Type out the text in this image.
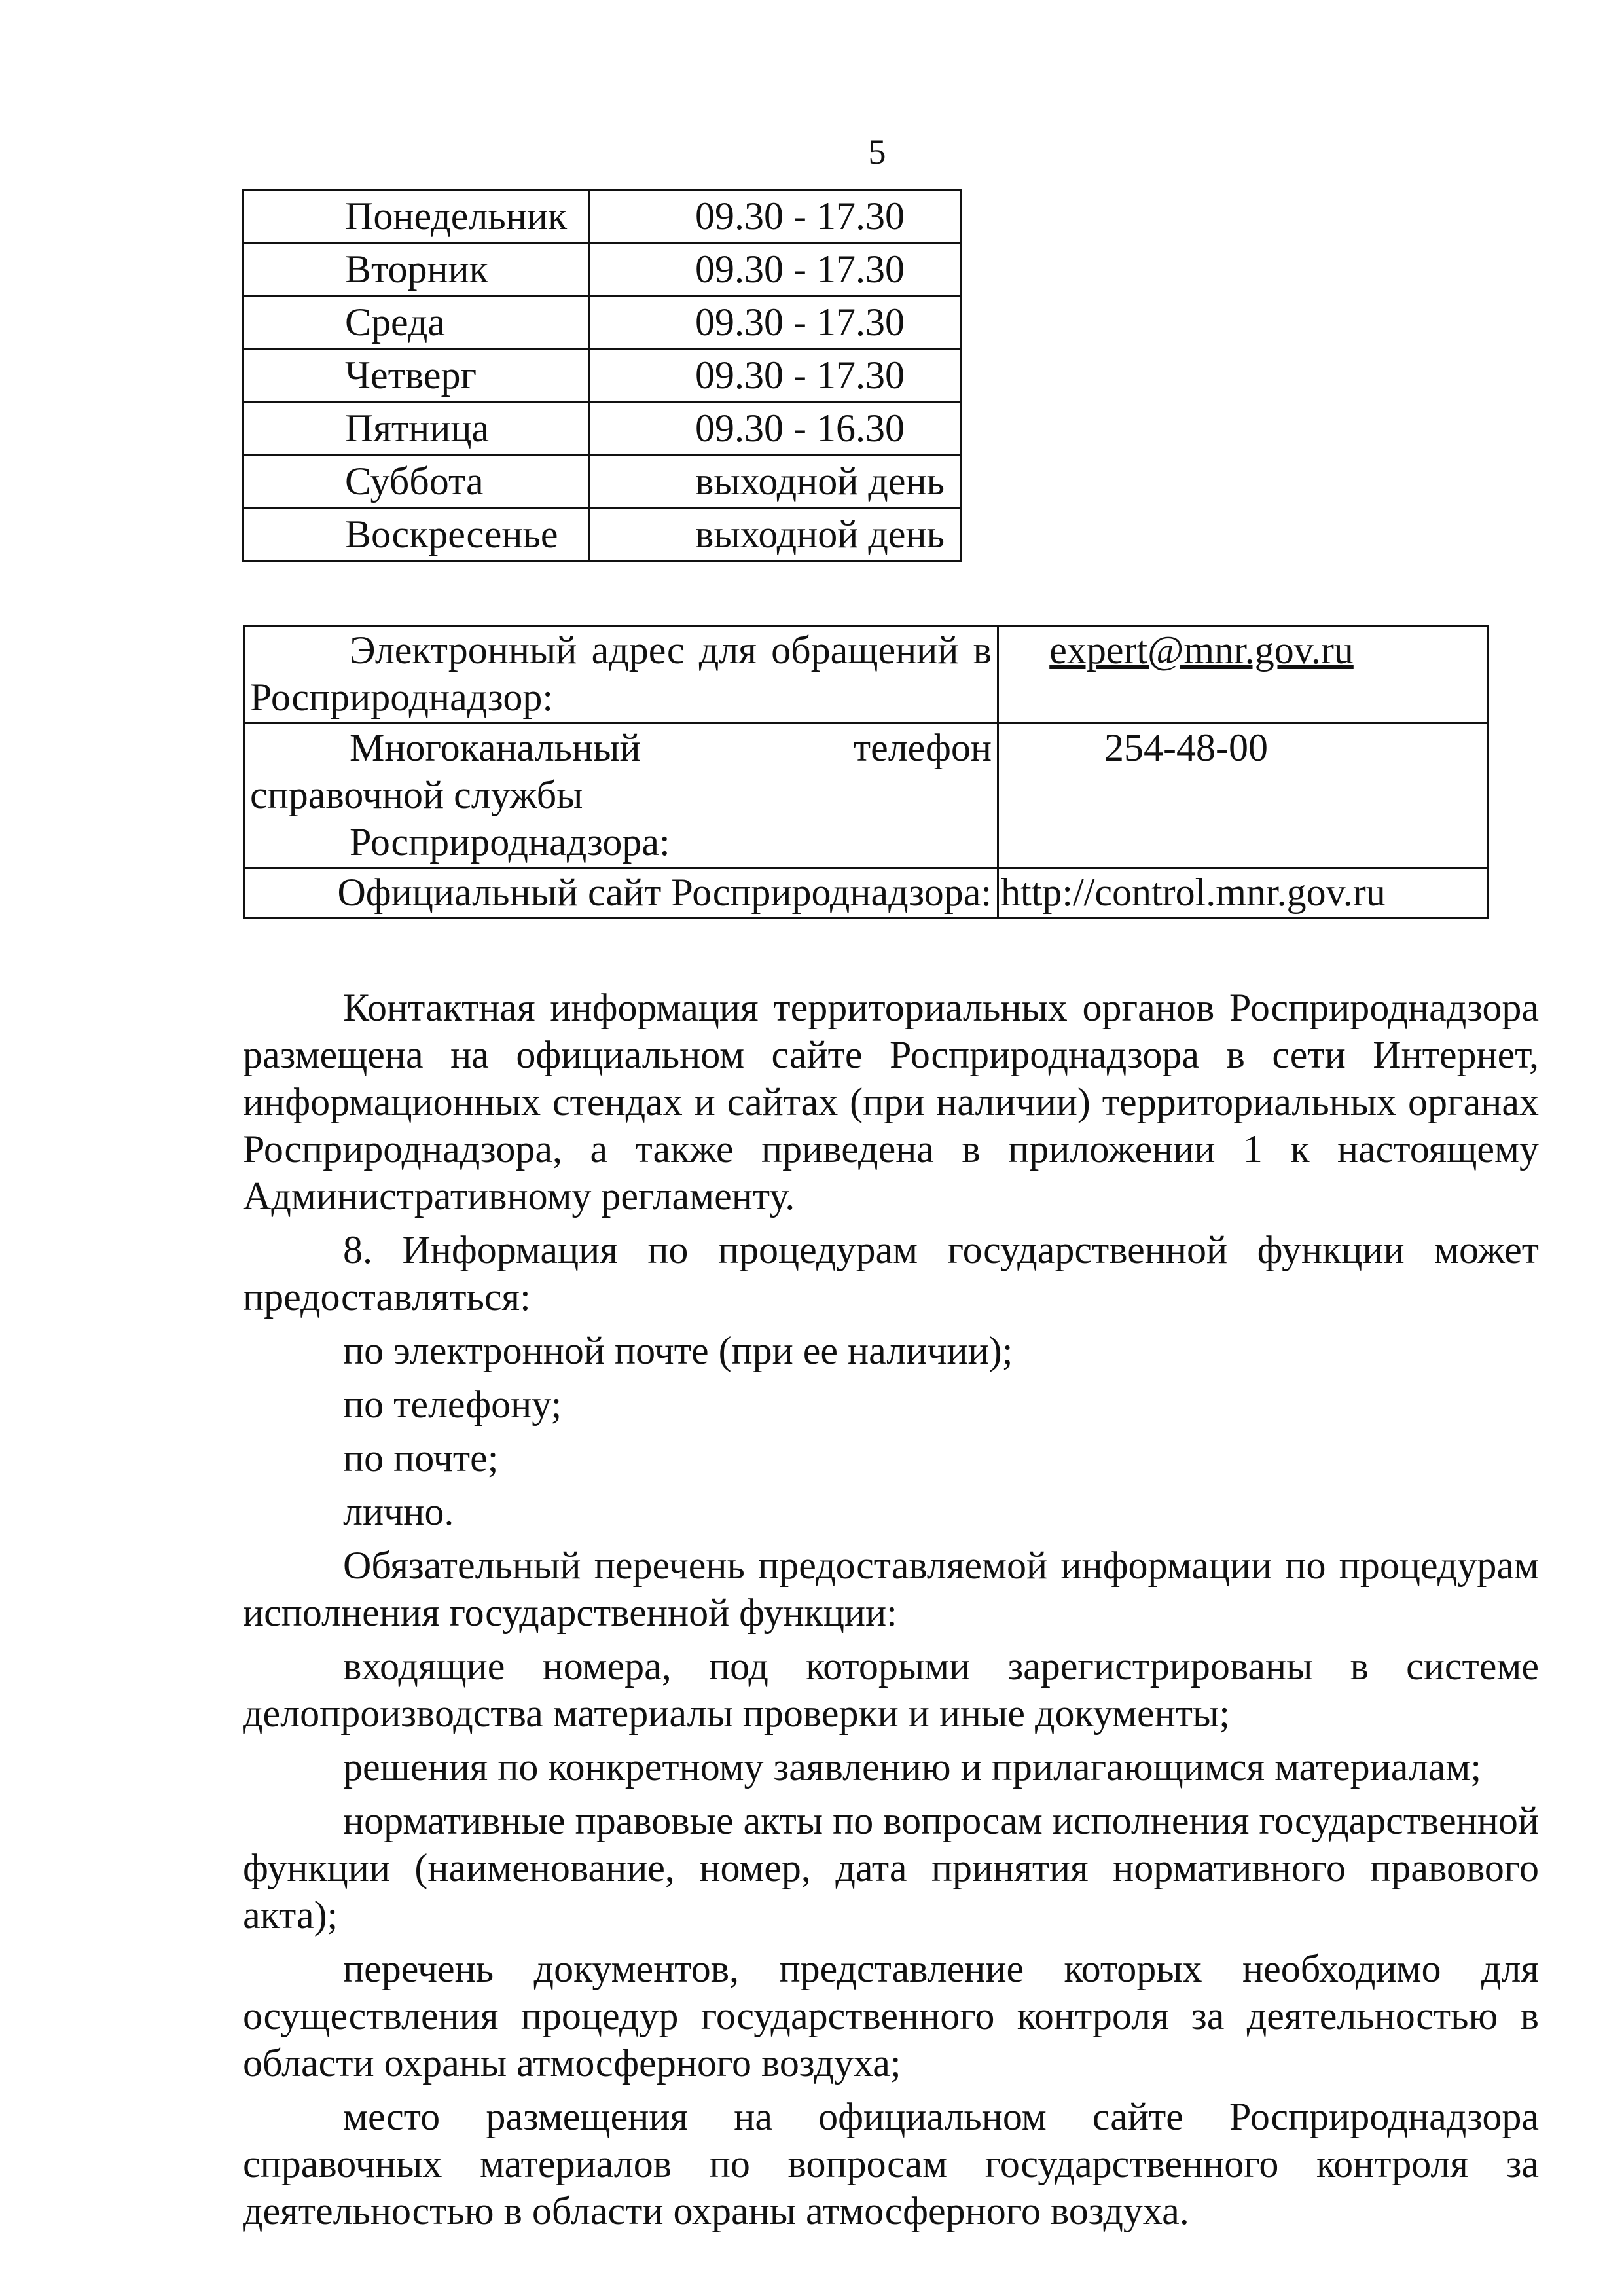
5
Понедельник	09.30 - 17.30
Вторник	09.30 - 17.30
Среда	09.30 - 17.30
Четверг	09.30 - 17.30
Пятница	09.30 - 16.30
Суббота	выходной день
Воскресенье	выходной день
Электронный адрес для обращений в Росприроднадзор:	expert@mnr.gov.ru

Многоканальный телефон справочной службы
Росприроднадзора:	254-48-00

Официальный сайт Росприроднадзора:	http://control.mnr.gov.ru

Контактная информация территориальных органов Росприроднадзора размещена на официальном сайте Росприроднадзора в сети Интернет, информационных стендах и сайтах (при наличии) территориальных органах Росприроднадзора, а также приведена в приложении 1 к настоящему Административному регламенту.

8. Информация по процедурам государственной функции может предоставляться:

по электронной почте (при ее наличии);

по телефону;

по почте;

лично.

Обязательный перечень предоставляемой информации по процедурам исполнения государственной функции:

входящие номера, под которыми зарегистрированы в системе делопроизводства материалы проверки и иные документы;

решения по конкретному заявлению и прилагающимся материалам;

нормативные правовые акты по вопросам исполнения государственной функции (наименование, номер, дата принятия нормативного правового акта);

перечень документов, представление которых необходимо для осуществления процедур государственного контроля за деятельностью в области охраны атмосферного воздуха;

место размещения на официальном сайте Росприроднадзора справочных материалов по вопросам государственного контроля за деятельностью в области охраны атмосферного воздуха.
